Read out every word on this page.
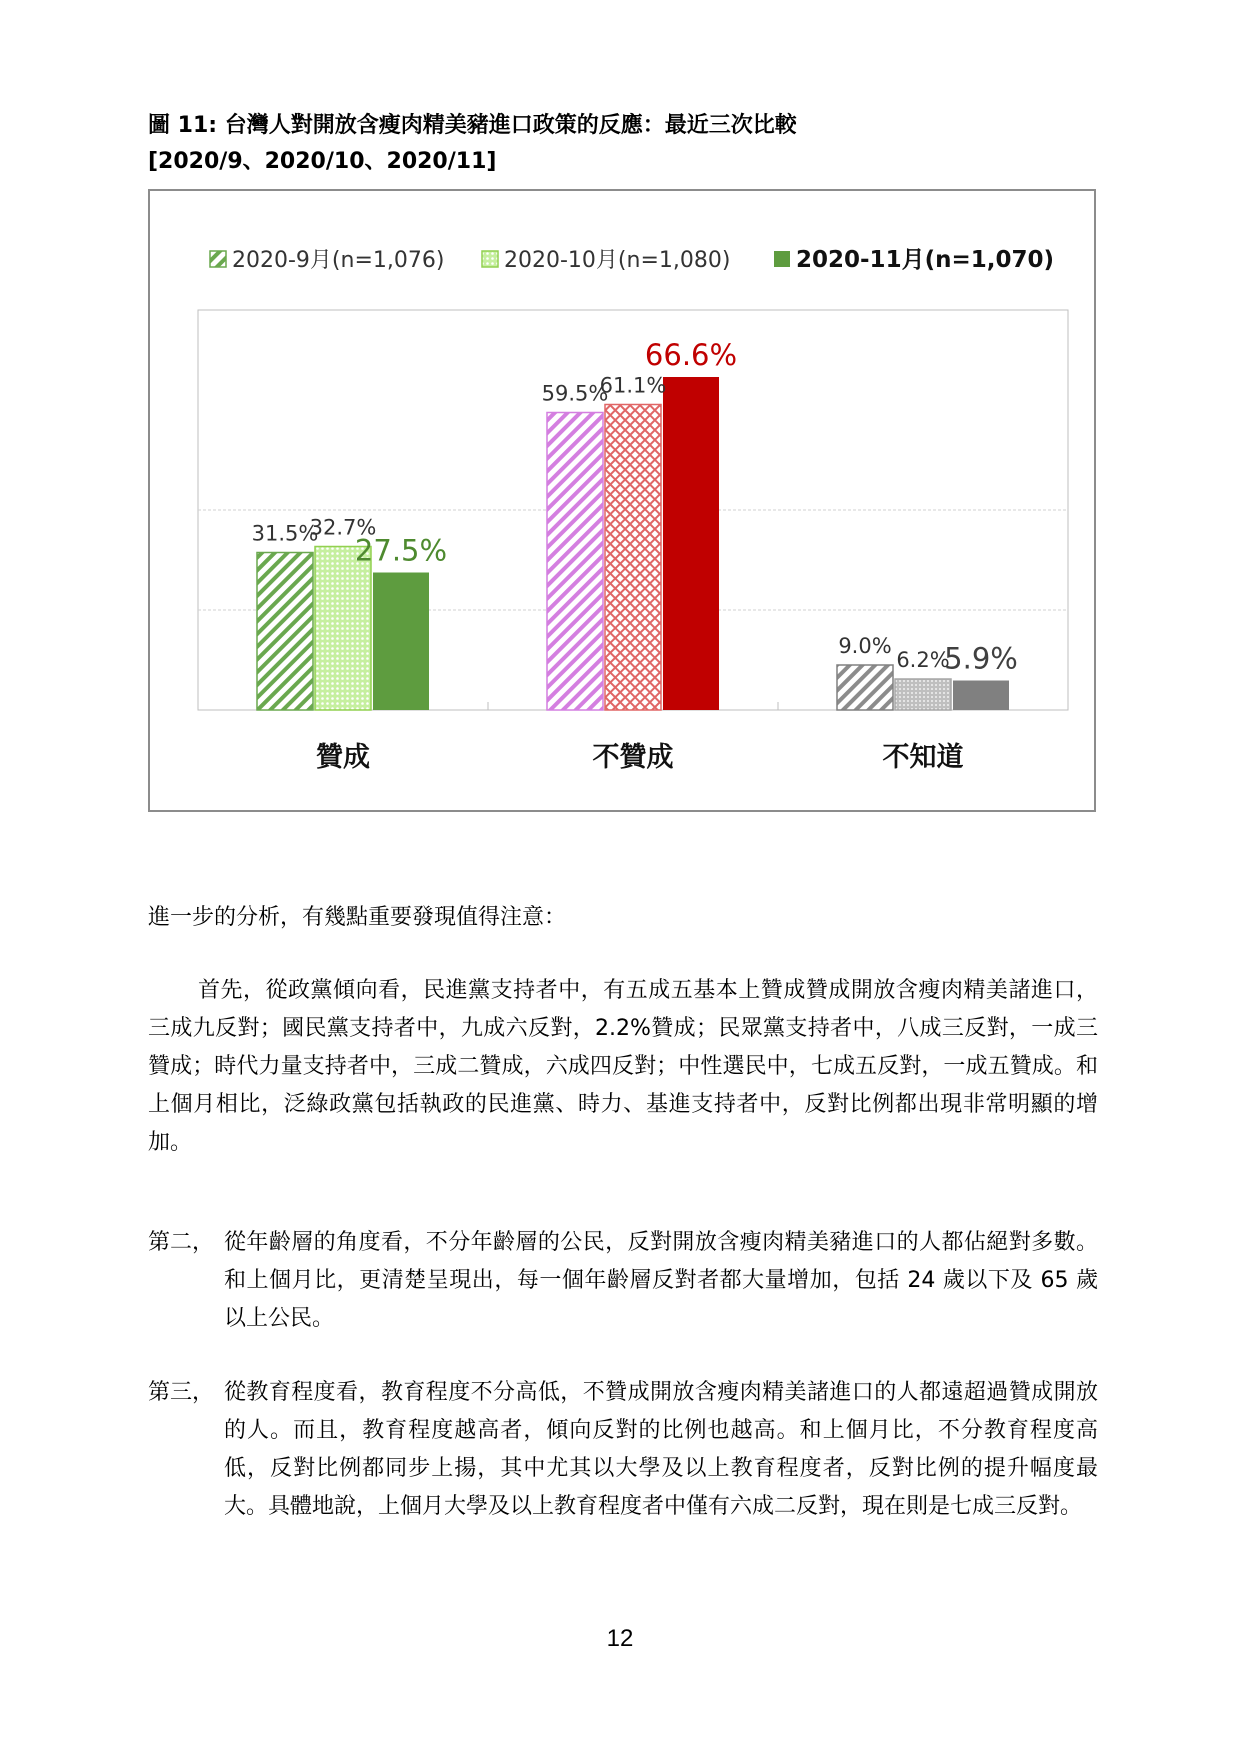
圖 11: 台灣人對開放含瘦肉精美豬進口政策的反應：最近三次比較
[2020/9、2020/10、2020/11]
2020-9月(n=1,076)	2020-10月(n=1,080)	2020-11月(n=1,070)
31.5%
32.7%
27.5%
59.5%
61.1%
66.6%
9.0%
6.2%
5.9%
贊成	不贊成	不知道
進一步的分析，有幾點重要發現值得注意：
首先，從政黨傾向看，民進黨支持者中，有五成五基本上贊成贊成開放含瘦肉精美諸進口，三成九反對；國民黨支持者中，九成六反對，2.2%贊成；民眾黨支持者中，八成三反對，一成三贊成；時代力量支持者中，三成二贊成，六成四反對；中性選民中，七成五反對，一成五贊成。和上個月相比，泛綠政黨包括執政的民進黨、時力、基進支持者中，反對比例都出現非常明顯的增加。
第二， 從年齡層的角度看，不分年齡層的公民，反對開放含瘦肉精美豬進口的人都佔絕對多數。和上個月比，更清楚呈現出，每一個年齡層反對者都大量增加，包括 24 歲以下及 65 歲以上公民。
第三， 從教育程度看，教育程度不分高低，不贊成開放含瘦肉精美諸進口的人都遠超過贊成開放的人。而且，教育程度越高者，傾向反對的比例也越高。和上個月比，不分教育程度高低，反對比例都同步上揚，其中尤其以大學及以上教育程度者，反對比例的提升幅度最大。具體地說，上個月大學及以上教育程度者中僅有六成二反對，現在則是七成三反對。
12
